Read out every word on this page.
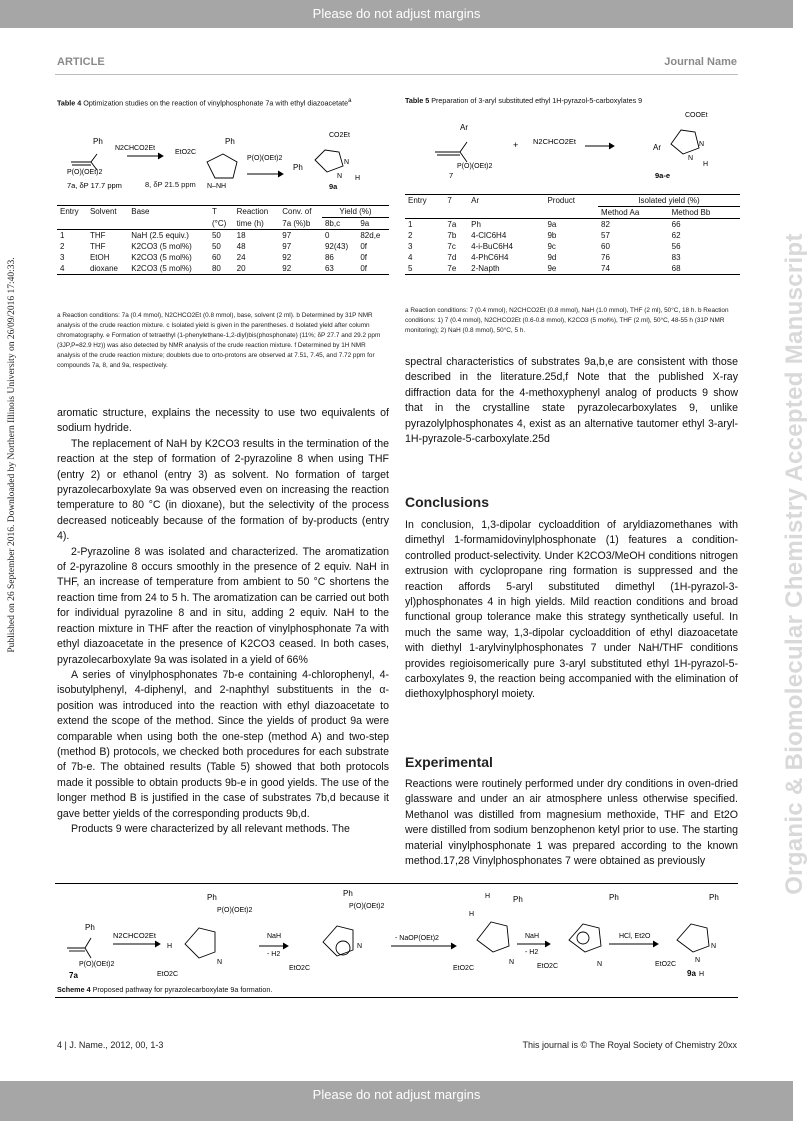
Please do not adjust margins
ARTICLE	Journal Name
Published on 26 September 2016. Downloaded by Northern Illinois University on 26/09/2016 17:40:33.	Organic & Biomolecular Chemistry Accepted Manuscript
Table 4 Optimization studies on the reaction of vinylphosphonate 7a with ethyl diazoacetate$^a$
Ph
N2CHCO2Et
EtO2C
Ph
P(O)(OEt)2
P(O)(OEt)2
N–NH
CO2Et
Ph
N
N H
7a, δP 17.7 ppm	8, δP 21.5 ppm	9a
Entry	Solvent	Base	T	Reaction	Conv. of	Yield (%)	
			(°C)	time (h)	7a (%)b	8b,c	9a
1	THF	NaH (2.5 equiv.)	50	18	97	0	82d,e
2	THF	K2CO3 (5 mol%)	50	48	97	92(43)	0f
3	EtOH	K2CO3 (5 mol%)	60	24	92	86	0f
4	dioxane	K2CO3 (5 mol%)	80	20	92	63	0f
a Reaction conditions: 7a (0.4 mmol), N2CHCO2Et (0.8 mmol), base, solvent (2 ml). b Determined by 31P NMR analysis of the crude reaction mixture. c Isolated yield is given in the parentheses. d Isolated yield after column chromatography. e Formation of tetraethyl (1-phenylethane-1,2-diyl)bis(phosphonate) (11%; δP 27.7 and 29.2 ppm (3JP,P=82.9 Hz)) was also detected by NMR analysis of the crude reaction mixture. f Determined by 1H NMR analysis of the crude reaction mixture; doublets due to orto-protons are observed at 7.51, 7.45, and 7.72 ppm for compounds 7a, 8, and 9a, respectively.
Table 5 Preparation of 3-aryl substituted ethyl 1H-pyrazol-5-carboxylates 9
Ar
+ N2CHCO2Et
P(O)(OEt)2
COOEt
Ar	N
N
H
7	9a-e
Entry	7	Ar	Product	Isolated yield (%)	
				Method Aa	Method Bb
1	7a	Ph	9a	82	66
2	7b	4-ClC6H4	9b	57	62
3	7c	4-i-BuC6H4	9c	60	56
4	7d	4-PhC6H4	9d	76	83
5	7e	2-Napth	9e	74	68
a Reaction conditions: 7 (0.4 mmol), N2CHCO2Et (0.8 mmol), NaH (1.0 mmol), THF (2 ml), 50°C, 18 h. b Reaction conditions: 1) 7 (0.4 mmol), N2CHCO2Et (0.6-0.8 mmol), K2CO3 (5 mol%), THF (2 ml), 50°C, 48-55 h (31P NMR monitoring); 2) NaH (0.8 mmol), 50°C, 5 h.

aromatic structure, explains the necessity to use two equivalents of sodium hydride.

The replacement of NaH by K2CO3 results in the termination of the reaction at the step of formation of 2-pyrazoline 8 when using THF (entry 2) or ethanol (entry 3) as solvent. No formation of target pyrazolecarboxylate 9a was observed even on increasing the reaction temperature to 80 °C (in dioxane), but the selectivity of the process decreased noticeably because of the formation of by-products (entry 4).

2-Pyrazoline 8 was isolated and characterized. The aromatization of 2-pyrazoline 8 occurs smoothly in the presence of 2 equiv. NaH in THF, an increase of temperature from ambient to 50 °C shortens the reaction time from 24 to 5 h. The aromatization can be carried out both for individual pyrazoline 8 and in situ, adding 2 equiv. NaH to the reaction mixture in THF after the reaction of vinylphosphonate 7a with ethyl diazoacetate in the presence of K2CO3 ceased. In both cases, pyrazolecarboxylate 9a was isolated in a yield of 66%

A series of vinylphosphonates 7b-e containing 4-chlorophenyl, 4-isobutylphenyl, 4-diphenyl, and 2-naphthyl substituents in the α-position was introduced into the reaction with ethyl diazoacetate to extend the scope of the method. Since the yields of product 9a were comparable when using both the one-step (method A) and two-step (method B) protocols, we checked both procedures for each substrate of 7b-e. The obtained results (Table 5) showed that both protocols made it possible to obtain products 9b-e in good yields. The use of the longer method B is justified in the case of substrates 7b,d because it gave better yields of the corresponding products 9b,d.

Products 9 were characterized by all relevant methods. The

spectral characteristics of substrates 9a,b,e are consistent with those described in the literature.25d,f Note that the published X-ray diffraction data for the 4-methoxyphenyl analog of products 9 show that in the crystalline state pyrazolecarboxylates 9, unlike pyrazolylphosphonates 4, exist as an alternative tautomer ethyl 3-aryl-1H-pyrazole-5-carboxylate.25d
Conclusions
In conclusion, 1,3-dipolar cycloaddition of aryldiazomethanes with dimethyl 1-formamidovinylphosphonate (1) features a condition-controlled product-selectivity. Under K2CO3/MeOH conditions nitrogen extrusion with cyclopropane ring formation is suppressed and the reaction affords 5-aryl substituted dimethyl (1H-pyrazol-3-yl)phosphonates 4 in high yields. Mild reaction conditions and broad functional group tolerance make this strategy synthetically useful. In much the same way, 1,3-dipolar cycloaddition of ethyl diazoacetate with diethyl 1-arylvinylphosphonates 7 under NaH/THF conditions provides regioisomerically pure 3-aryl substituted ethyl 1H-pyrazol-5-carboxylates 9, the reaction being accompanied with the elimination of diethoxylphosphoryl moiety.
Experimental
Reactions were routinely performed under dry conditions in oven-dried glassware and under an air atmosphere unless otherwise specified. Methanol was distilled from magnesium methoxide, THF and Et2O were distilled from sodium benzophenon ketyl prior to use. The starting material vinylphosphonate 1 was prepared according to the known method.17,28 Vinylphosphonates 7 were obtained as previously
Ph
N2CHCO2Et
P(O)(OEt)2
7a
Ph
P(O)(OEt)2
H
N
EtO2C
NaH
- H2
Ph
P(O)(OEt)2
N
EtO2C
- NaOP(OEt)2
H	Ph
H
EtO2C
N
NaH
- H2
Ph
EtO2C	N
HCl, Et2O
Ph
EtO2C
N
N
9a H
Scheme 4 Proposed pathway for pyrazolecarboxylate 9a formation.
4 | J. Name., 2012, 00, 1-3	This journal is © The Royal Society of Chemistry 20xx
Please do not adjust margins
